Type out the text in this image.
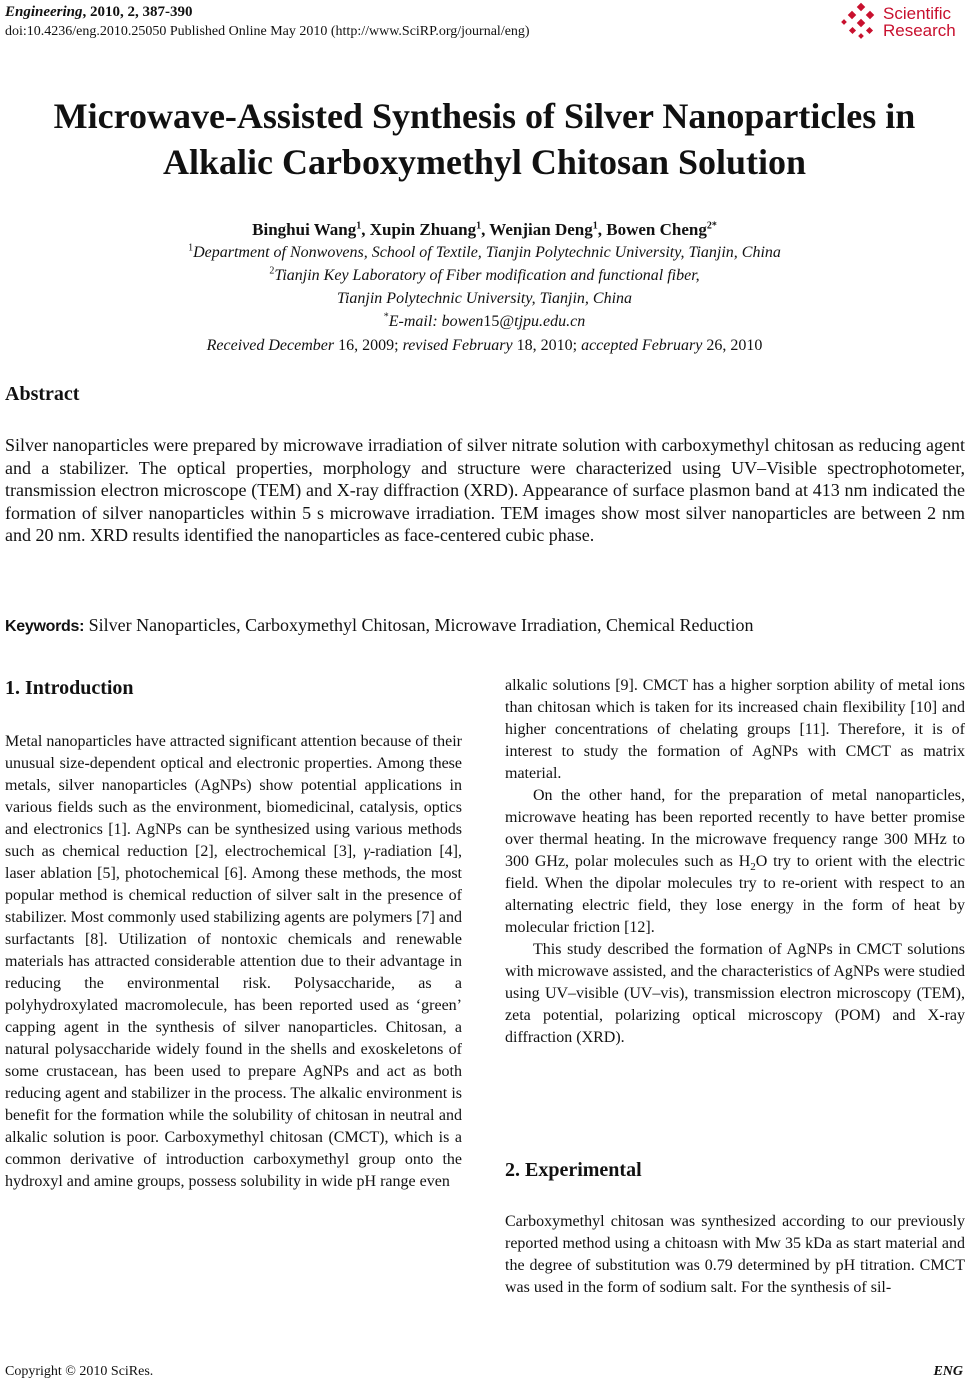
Engineering, 2010, 2, 387-390
doi:10.4236/eng.2010.25050 Published Online May 2010 (http://www.SciRP.org/journal/eng)
Scientific
Research
Microwave-Assisted Synthesis of Silver Nanoparticles in
Alkalic Carboxymethyl Chitosan Solution
Binghui Wang$^1$, Xupin Zhuang$^1$, Wenjian Deng$^1$, Bowen Cheng$^{2*}$
$^1$Department of Nonwovens, School of Textile, Tianjin Polytechnic University, Tianjin, China
$^2$Tianjin Key Laboratory of Fiber modification and functional fiber,
Tianjin Polytechnic University, Tianjin, China
*E-mail: bowen15@tjpu.edu.cn
Received December 16, 2009; revised February 18, 2010; accepted February 26, 2010
Abstract
Silver nanoparticles were prepared by microwave irradiation of silver nitrate solution with carboxymethyl chitosan as reducing agent and a stabilizer. The optical properties, morphology and structure were characterized using UV–Visible spectrophotometer, transmission electron microscope (TEM) and X-ray diffraction (XRD). Appearance of surface plasmon band at 413 nm indicated the formation of silver nanoparticles within 5 s microwave irradiation. TEM images show most silver nanoparticles are between 2 nm and 20 nm. XRD results identified the nanoparticles as face-centered cubic phase.
Keywords: Silver Nanoparticles, Carboxymethyl Chitosan, Microwave Irradiation, Chemical Reduction
1. Introduction

Metal nanoparticles have attracted significant attention because of their unusual size-dependent optical and electronic properties. Among these metals, silver nanoparticles (AgNPs) show potential applications in various fields such as the environment, biomedicinal, catalysis, optics and electronics [1]. AgNPs can be synthesized using various methods such as chemical reduction [2], electrochemical [3], γ-radiation [4], laser ablation [5], photochemical [6]. Among these methods, the most popular method is chemical reduction of silver salt in the presence of stabilizer. Most commonly used stabilizing agents are polymers [7] and surfactants [8]. Utilization of nontoxic chemicals and renewable materials has attracted considerable attention due to their advantage in reducing the environmental risk. Polysaccharide, as a polyhydroxylated macromolecule, has been reported used as ‘green’ capping agent in the synthesis of silver nanoparticles. Chitosan, a natural polysaccharide widely found in the shells and exoskeletons of some crustacean, has been used to prepare AgNPs and act as both reducing agent and stabilizer in the process. The alkalic environment is benefit for the formation while the solubility of chitosan in neutral and alkalic solution is poor. Carboxymethyl chitosan (CMCT), which is a common derivative of introduction carboxymethyl group onto the hydroxyl and amine groups, possess solubility in wide pH range even

alkalic solutions [9]. CMCT has a higher sorption ability of metal ions than chitosan which is taken for its increased chain flexibility [10] and higher concentrations of chelating groups [11]. Therefore, it is of interest to study the formation of AgNPs with CMCT as matrix material.

On the other hand, for the preparation of metal nanoparticles, microwave heating has been reported recently to have better promise over thermal heating. In the microwave frequency range 300 MHz to 300 GHz, polar molecules such as $H_2O$ try to orient with the electric field. When the dipolar molecules try to re-orient with respect to an alternating electric field, they lose energy in the form of heat by molecular friction [12].

This study described the formation of AgNPs in CMCT solutions with microwave assisted, and the characteristics of AgNPs were studied using UV–visible (UV–vis), transmission electron microscopy (TEM), zeta potential, polarizing optical microscopy (POM) and X-ray diffraction (XRD).

2. Experimental

Carboxymethyl chitosan was synthesized according to our previously reported method using a chitoasn with Mw 35 kDa as start material and the degree of substitution was 0.79 determined by pH titration. CMCT was used in the form of sodium salt. For the synthesis of sil-

Copyright © 2010 SciRes.	ENG
